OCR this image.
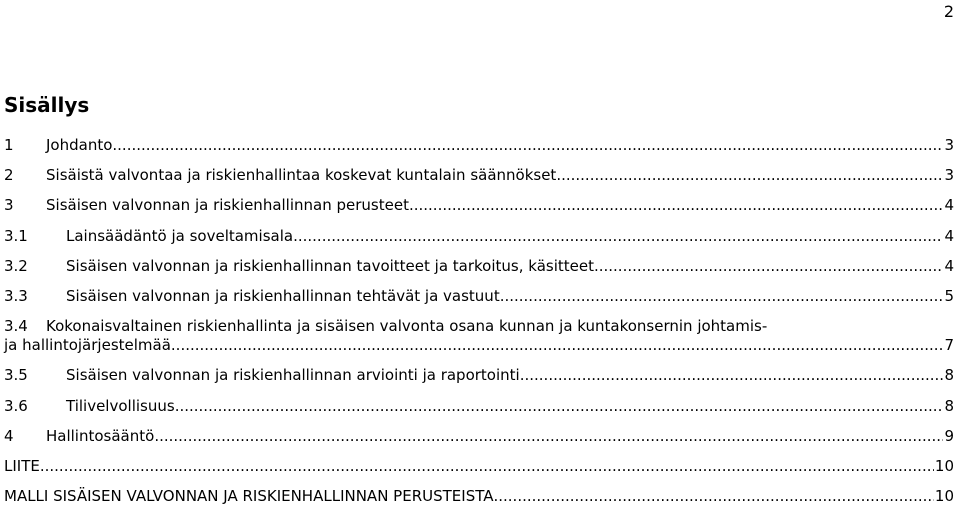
2
Sisällys
1 Johdanto .....	3
2 Sisäistä valvontaa ja riskienhallintaa koskevat kuntalain säännökset .....	3
3 Sisäisen valvonnan ja riskienhallinnan perusteet .....	4
3.1	Lainsäädäntö ja soveltamisala .....	4
3.2	Sisäisen valvonnan ja riskienhallinnan tavoitteet ja tarkoitus, käsitteet .....	4
3.3	Sisäisen valvonnan ja riskienhallinnan tehtävät ja vastuut .....	5
3.4 Kokonaisvaltainen riskienhallinta ja sisäisen valvonta osana kunnan ja kuntakonsernin johtamis-
ja hallintojärjestelmää .....	7
3.5	Sisäisen valvonnan ja riskienhallinnan arviointi ja raportointi .....	8
3.6	Tilivelvollisuus .....	8
4 Hallintosääntö .....	9
LIITE .....	10
MALLI SISÄISEN VALVONNAN JA RISKIENHALLINNAN PERUSTEISTA .....	10
